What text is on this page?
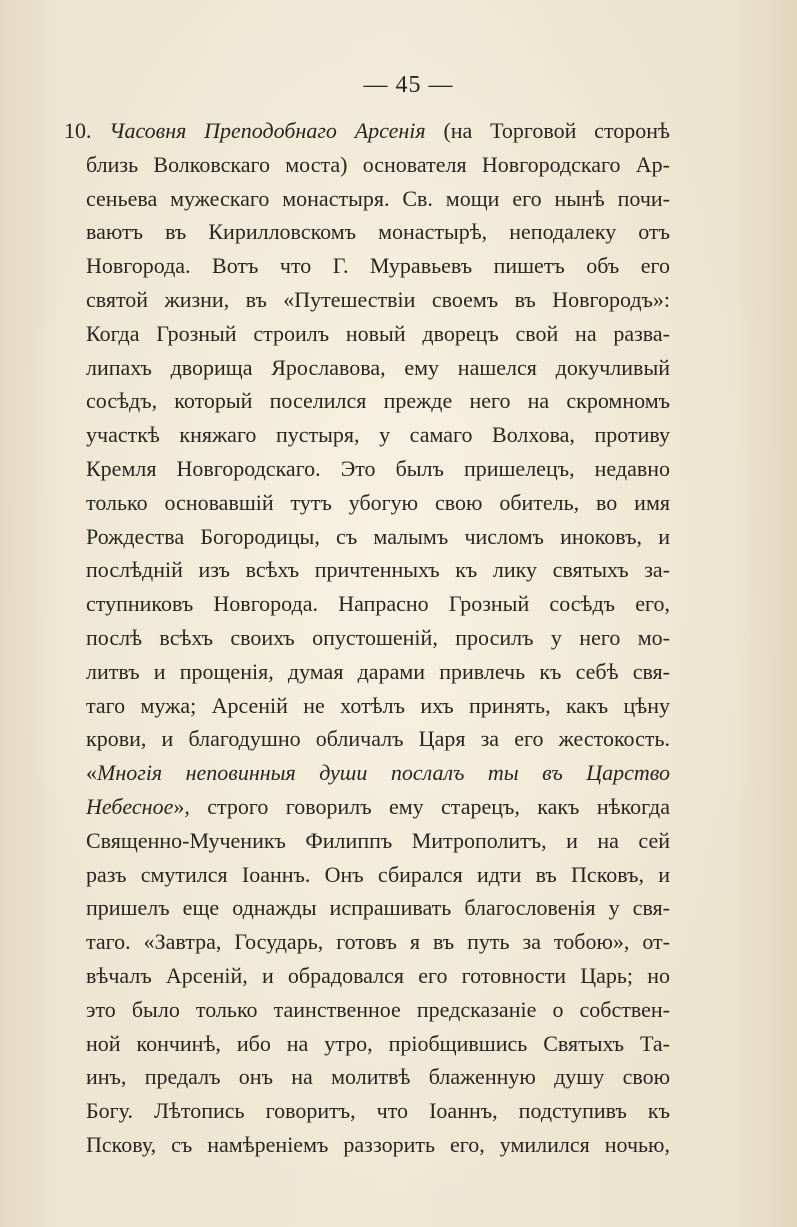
— 45 —
10. Часовня Преподобнаго Арсенія (на Торговой сторонѣ
близь Волковскаго моста) основателя Новгородскаго Ар-
сеньева мужескаго монастыря. Св. мощи его нынѣ почи-
ваютъ въ Кирилловскомъ монастырѣ, неподалеку отъ
Новгорода. Вотъ что Г. Муравьевъ пишетъ объ его
святой жизни, въ «Путешествіи своемъ въ Новгородъ»:
Когда Грозный строилъ новый дворецъ свой на разва-
липахъ дворища Ярославова, ему нашелся докучливый
сосѣдъ, который поселился прежде него на скромномъ
участкѣ княжаго пустыря, у самаго Волхова, противу
Кремля Новгородскаго. Это былъ пришелецъ, недавно
только основавшій тутъ убогую свою обитель, во имя
Рождества Богородицы, съ малымъ числомъ иноковъ, и
послѣдній изъ всѣхъ причтенныхъ къ лику святыхъ за-
ступниковъ Новгорода. Напрасно Грозный сосѣдъ его,
послѣ всѣхъ своихъ опустошеній, просилъ у него мо-
литвъ и прощенія, думая дарами привлечь къ себѣ свя-
таго мужа; Арсеній не хотѣлъ ихъ принять, какъ цѣну
крови, и благодушно обличалъ Царя за его жестокость.
«Многія неповинныя души послалъ ты въ Царство
Небесное», строго говорилъ ему старецъ, какъ нѣкогда
Священно-Мученикъ Филиппъ Митрополитъ, и на сей
разъ смутился Іоаннъ. Онъ сбирался идти въ Псковъ, и
пришелъ еще однажды испрашивать благословенія у свя-
таго. «Завтра, Государь, готовъ я въ путь за тобою», от-
вѣчалъ Арсеній, и обрадовался его готовности Царь; но
это было только таинственное предсказаніе о собствен-
ной кончинѣ, ибо на утро, пріобщившись Святыхъ Та-
инъ, предалъ онъ на молитвѣ блаженную душу свою
Богу. Лѣтопись говоритъ, что Іоаннъ, подступивъ къ
Пскову, съ намѣреніемъ раззорить его, умилился ночью,
